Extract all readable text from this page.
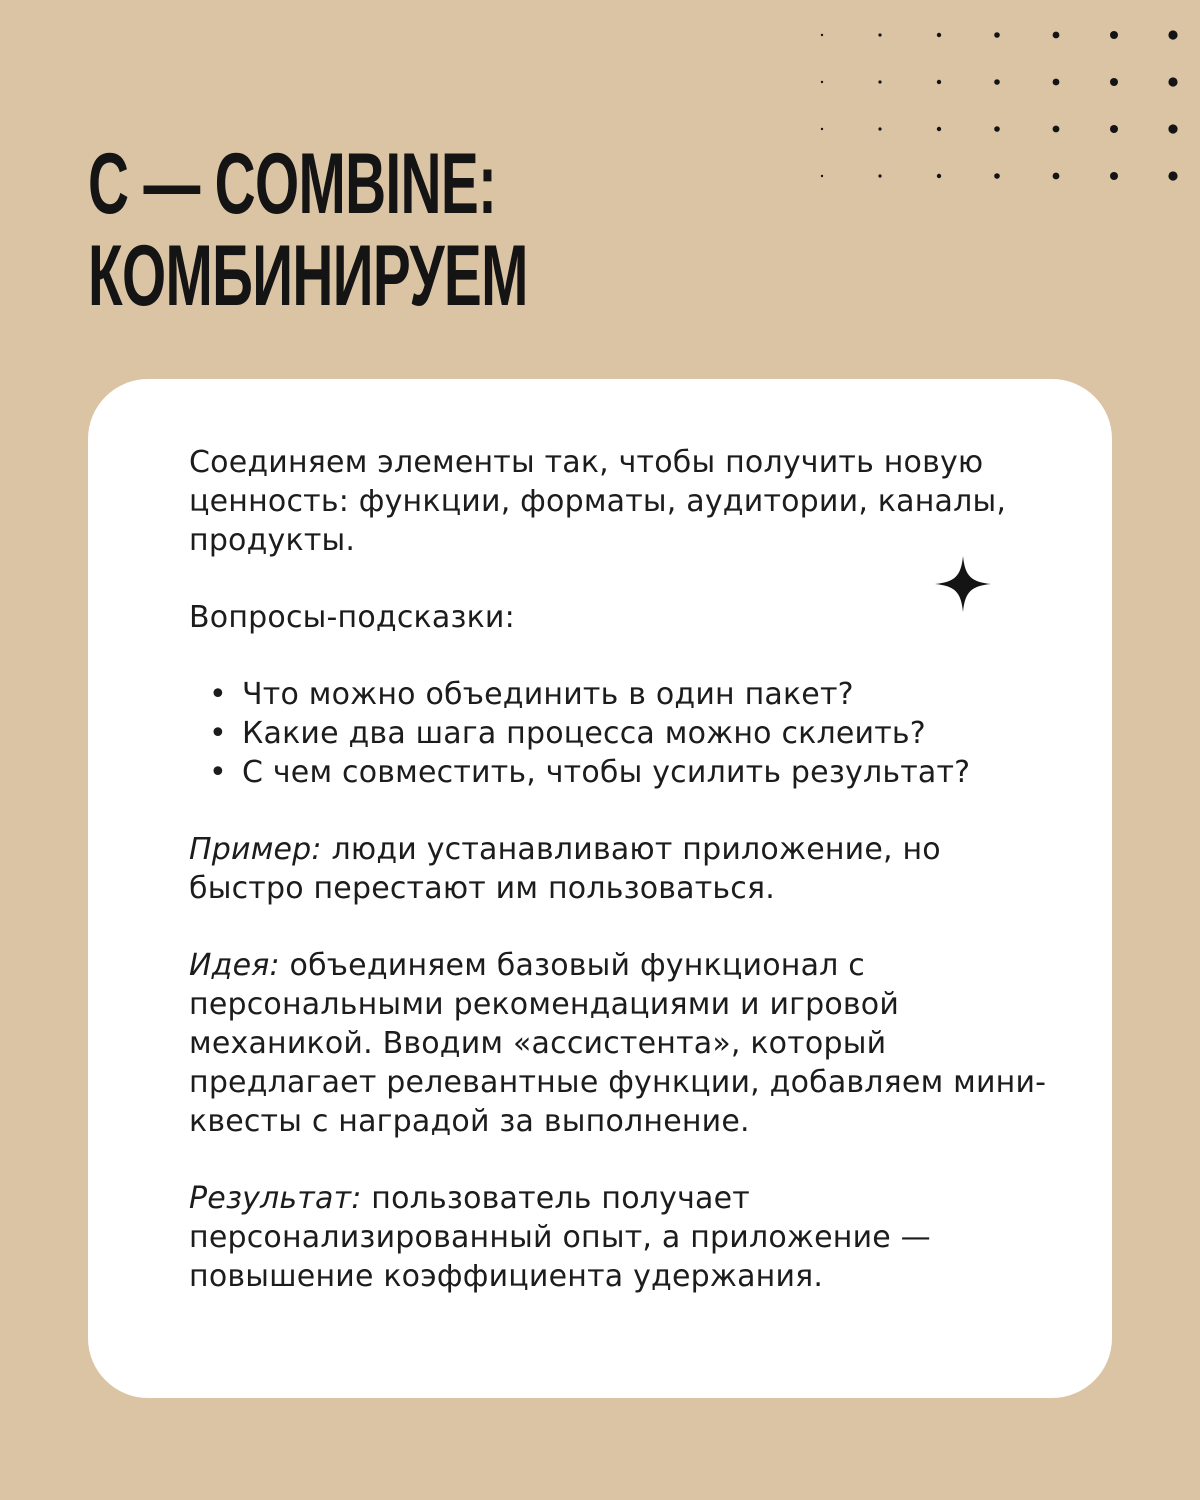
C — COMBINE:
КОМБИНИРУЕМ

Соединяем элементы так, чтобы получить новую ценность: функции, форматы, аудитории, каналы, продукты.

Вопросы-подсказки:

• Что можно объединить в один пакет?
• Какие два шага процесса можно склеить?
• С чем совместить, чтобы усилить результат?

Пример: люди устанавливают приложение, но быстро перестают им пользоваться.

Идея: объединяем базовый функционал с персональными рекомендациями и игровой механикой. Вводим «ассистента», который предлагает релевантные функции, добавляем мини-квесты с наградой за выполнение.

Результат: пользователь получает персонализированный опыт, а приложение — повышение коэффициента удержания.
